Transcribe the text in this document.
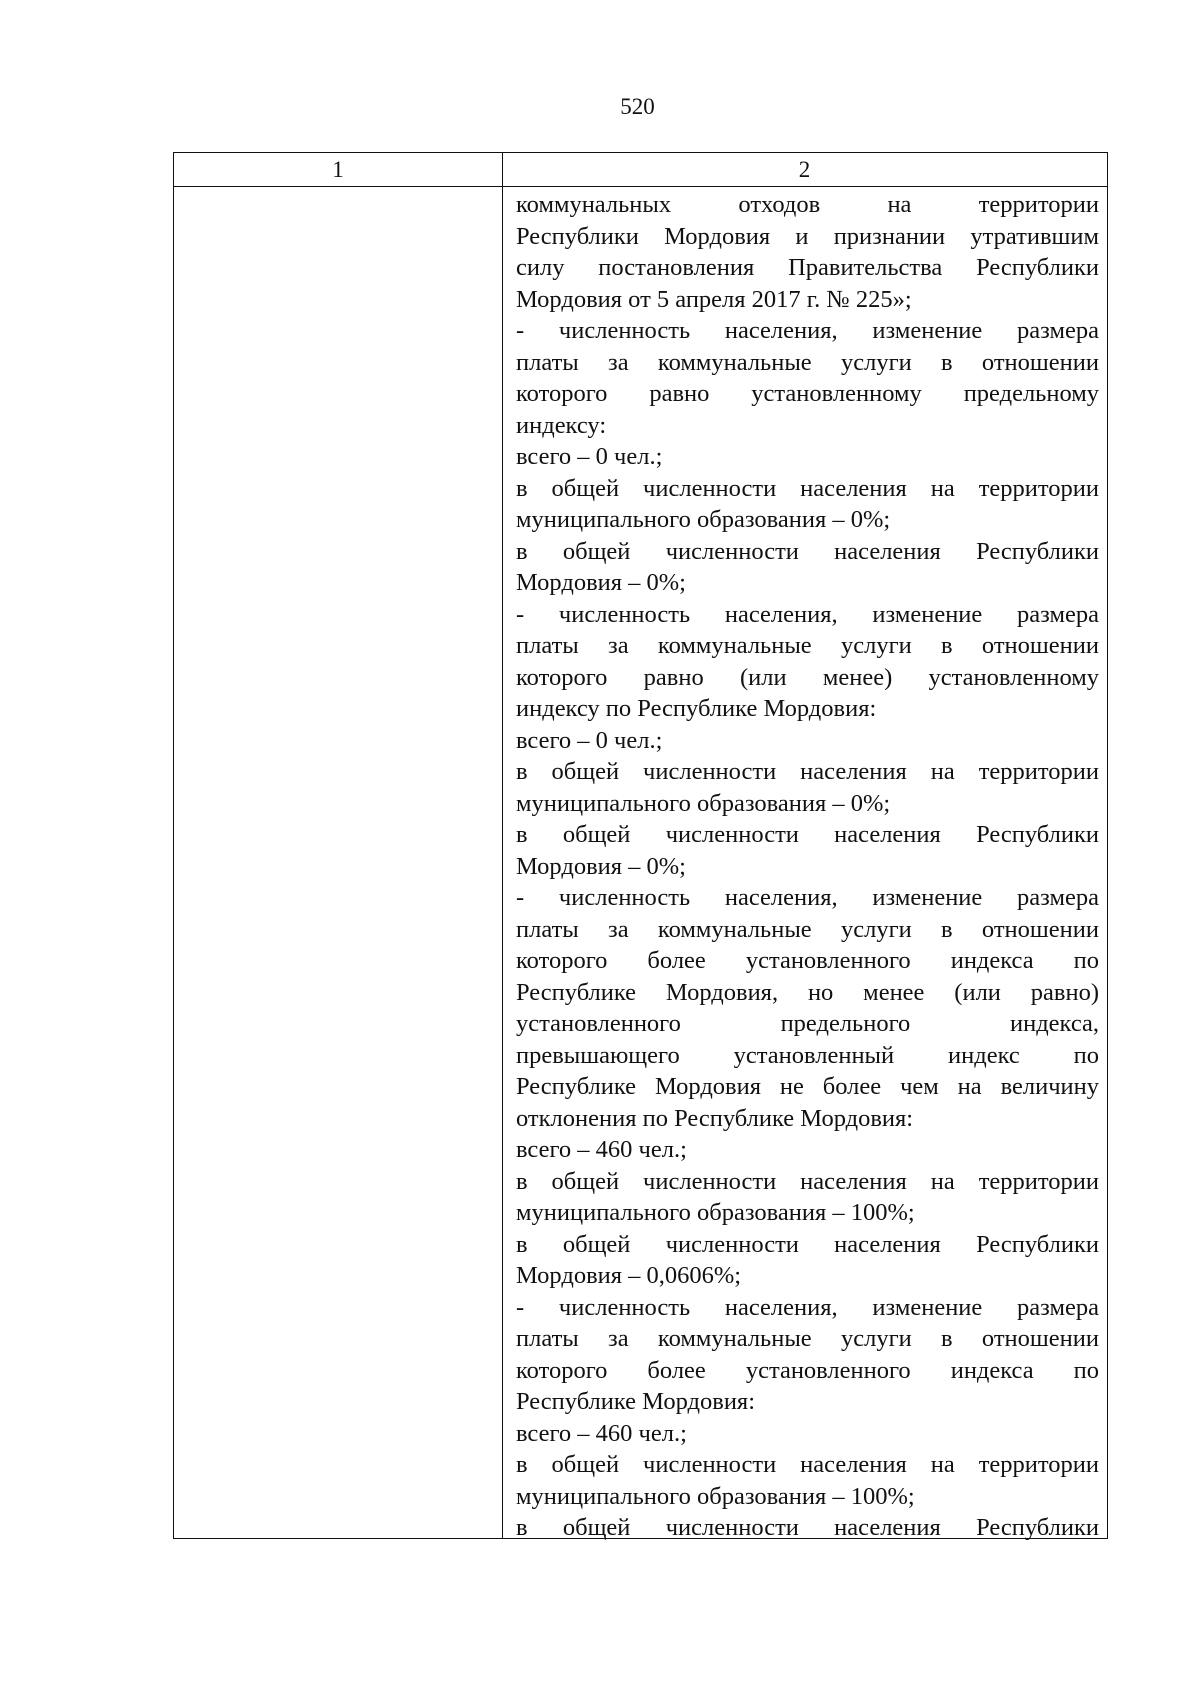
520
1	2
коммунальных отходов на территории
Республики Мордовия и признании утратившим
силу постановления Правительства Республики
Мордовия от 5 апреля 2017 г. № 225»;
- численность населения, изменение размера
платы за коммунальные услуги в отношении
которого равно установленному предельному
индексу:
всего – 0 чел.;
в общей численности населения на территории
муниципального образования – 0%;
в общей численности населения Республики
Мордовия – 0%;
- численность населения, изменение размера
платы за коммунальные услуги в отношении
которого равно (или менее) установленному
индексу по Республике Мордовия:
всего – 0 чел.;
в общей численности населения на территории
муниципального образования – 0%;
в общей численности населения Республики
Мордовия – 0%;
- численность населения, изменение размера
платы за коммунальные услуги в отношении
которого более установленного индекса по
Республике Мордовия, но менее (или равно)
установленного предельного индекса,
превышающего установленный индекс по
Республике Мордовия не более чем на величину
отклонения по Республике Мордовия:
всего – 460 чел.;
в общей численности населения на территории
муниципального образования – 100%;
в общей численности населения Республики
Мордовия – 0,0606%;
- численность населения, изменение размера
платы за коммунальные услуги в отношении
которого более установленного индекса по
Республике Мордовия:
всего – 460 чел.;
в общей численности населения на территории
муниципального образования – 100%;
в общей численности населения Республики
